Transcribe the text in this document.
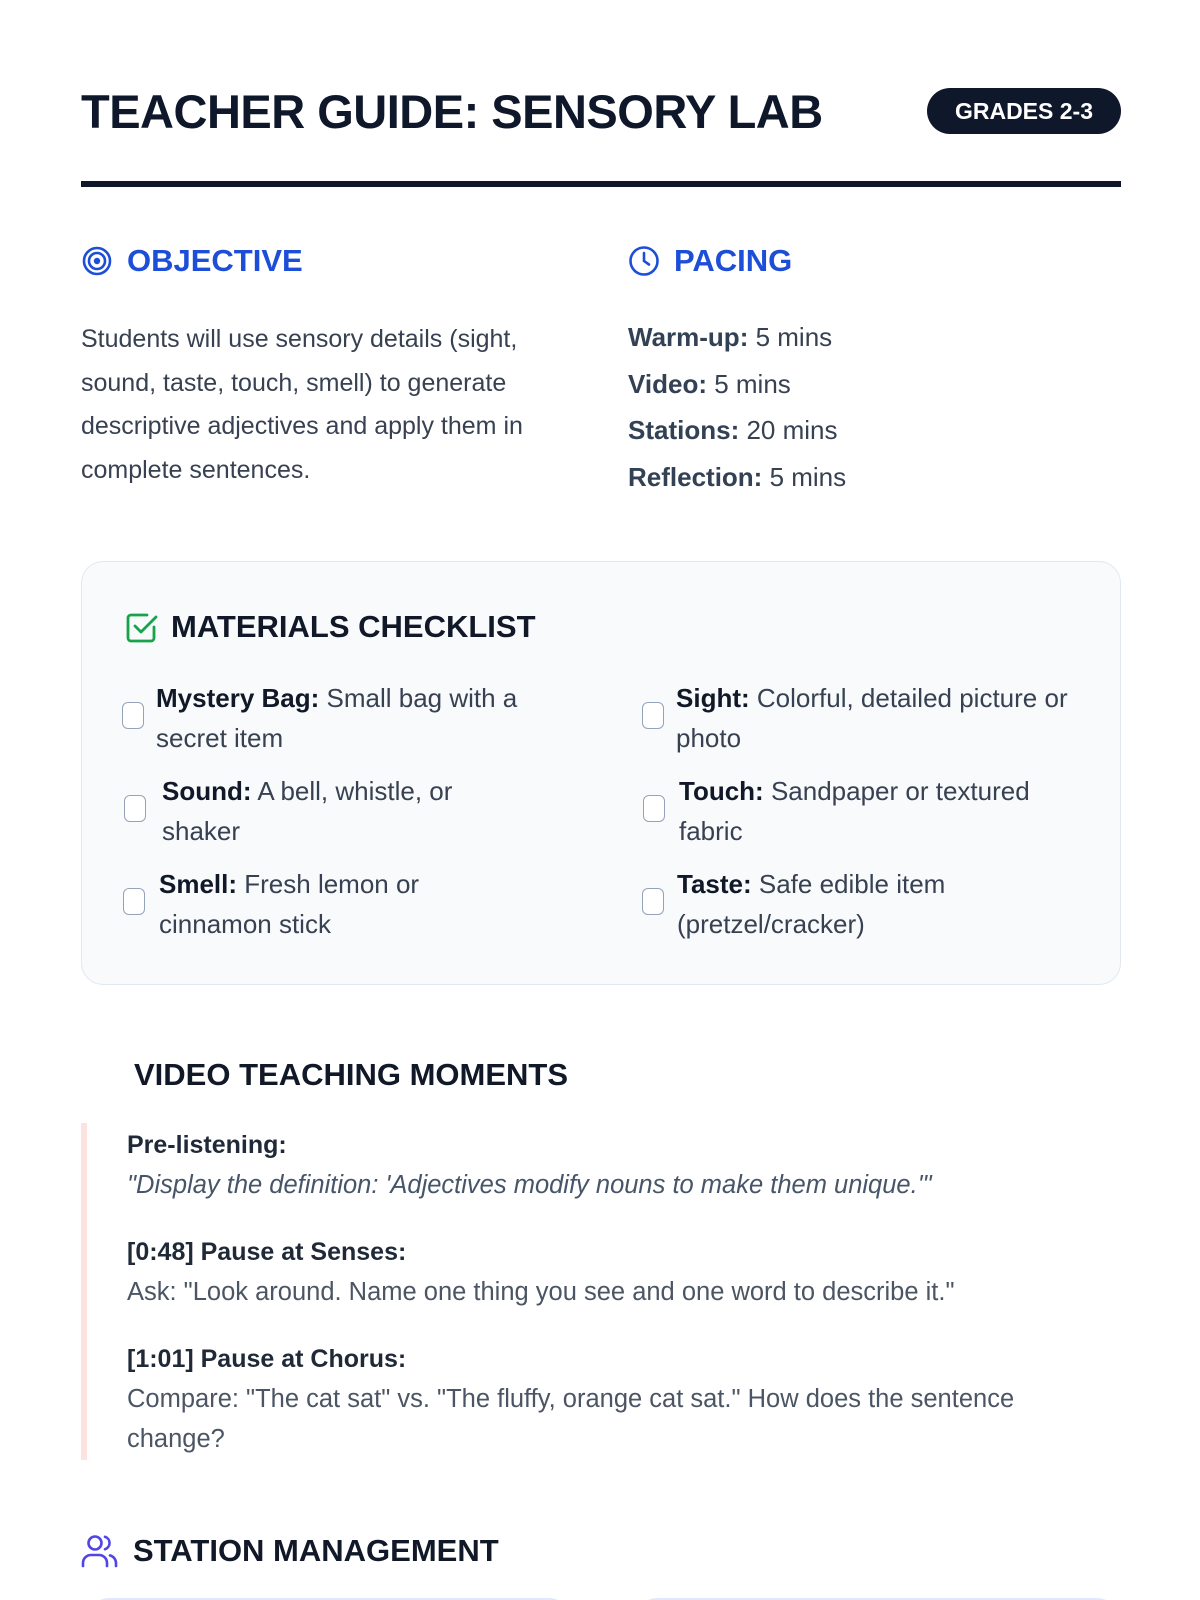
TEACHER GUIDE: SENSORY LAB	GRADES 2-3
OBJECTIVE

Students will use sensory details (sight, sound, taste, touch, smell) to generate descriptive adjectives and apply them in complete sentences.

PACING
Warm-up: 5 mins
Video: 5 mins
Stations: 20 mins
Reflection: 5 mins
MATERIALS CHECKLIST
Mystery Bag: Small bag with a secret item
Sight: Colorful, detailed picture or photo
Sound: A bell, whistle, or shaker
Touch: Sandpaper or textured fabric
Smell: Fresh lemon or cinnamon stick
Taste: Safe edible item (pretzel/cracker)
VIDEO TEACHING MOMENTS
Pre-listening:
"Display the definition: 'Adjectives modify nouns to make them unique.'"
[0:48] Pause at Senses:
Ask: "Look around. Name one thing you see and one word to describe it."
[1:01] Pause at Chorus:
Compare: "The cat sat" vs. "The fluffy, orange cat sat." How does the sentence change?
STATION MANAGEMENT
